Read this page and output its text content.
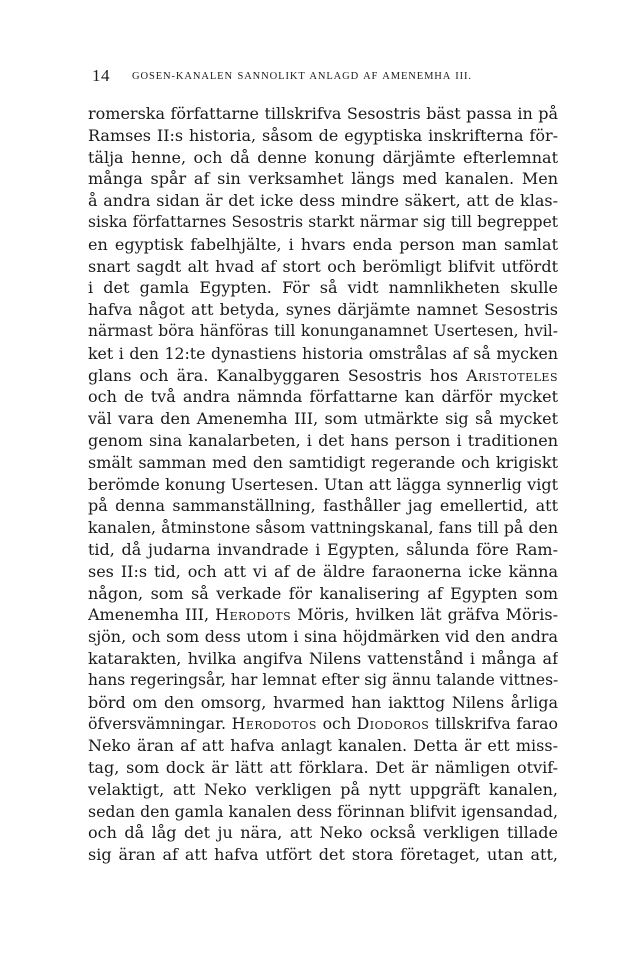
14 GOSEN-KANALEN SANNOLIKT ANLAGD AF AMENEMHA III.
romerska författarne tillskrifva Sesostris bäst passa in på
Ramses II:s historia, såsom de egyptiska inskrifterna för-
tälja henne, och då denne konung därjämte efterlemnat
många spår af sin verksamhet längs med kanalen. Men
å andra sidan är det icke dess mindre säkert, att de klas-
siska författarnes Sesostris starkt närmar sig till begreppet
en egyptisk fabelhjälte, i hvars enda person man samlat
snart sagdt alt hvad af stort och berömligt blifvit utfördt
i det gamla Egypten. För så vidt namnlikheten skulle
hafva något att betyda, synes därjämte namnet Sesostris
närmast böra hänföras till konunganamnet Usertesen, hvil-
ket i den 12:te dynastiens historia omstrålas af så mycken
glans och ära. Kanalbyggaren Sesostris hos Aristoteles
och de två andra nämnda författarne kan därför mycket
väl vara den Amenemha III, som utmärkte sig så mycket
genom sina kanalarbeten, i det hans person i traditionen
smält samman med den samtidigt regerande och krigiskt
berömde konung Usertesen. Utan att lägga synnerlig vigt
på denna sammanställning, fasthåller jag emellertid, att
kanalen, åtminstone såsom vattningskanal, fans till på den
tid, då judarna invandrade i Egypten, sålunda före Ram-
ses II:s tid, och att vi af de äldre faraonerna icke känna
någon, som så verkade för kanalisering af Egypten som
Amenemha III, Herodots Möris, hvilken lät gräfva Möris-
sjön, och som dess utom i sina höjdmärken vid den andra
katarakten, hvilka angifva Nilens vattenstånd i många af
hans regeringsår, har lemnat efter sig ännu talande vittnes-
börd om den omsorg, hvarmed han iakttog Nilens årliga
öfversvämningar. Herodotos och Diodoros tillskrifva farao
Neko äran af att hafva anlagt kanalen. Detta är ett miss-
tag, som dock är lätt att förklara. Det är nämligen otvif-
velaktigt, att Neko verkligen på nytt uppgräft kanalen,
sedan den gamla kanalen dess förinnan blifvit igensandad,
och då låg det ju nära, att Neko också verkligen tillade
sig äran af att hafva utfört det stora företaget, utan att,
